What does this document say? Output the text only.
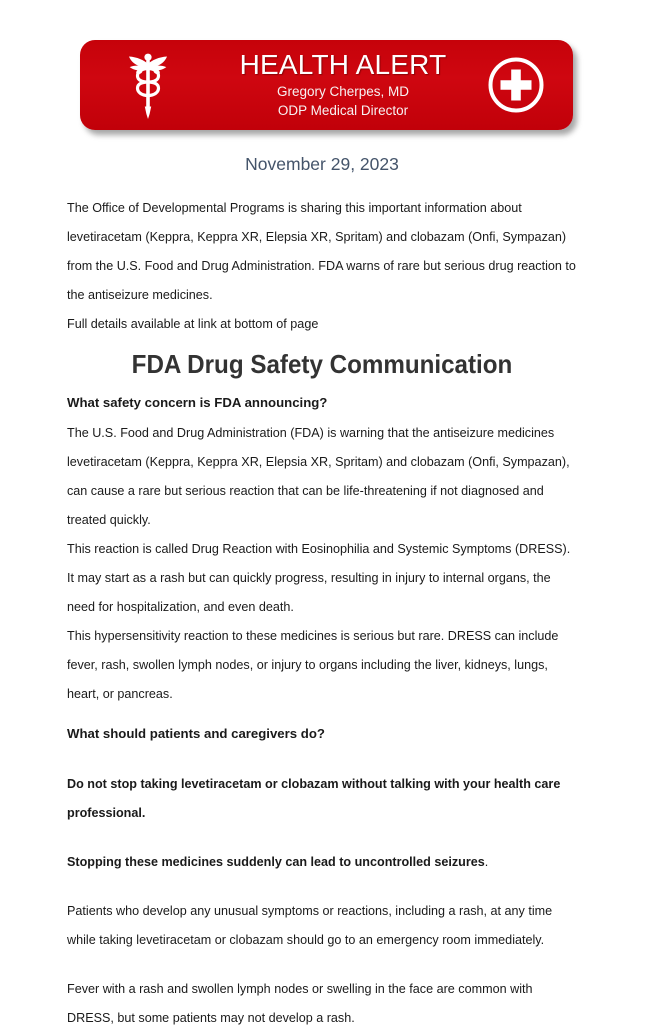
HEALTH ALERT
Gregory Cherpes, MD
ODP Medical Director
November 29, 2023

The Office of Developmental Programs is sharing this important information about levetiracetam (Keppra, Keppra XR, Elepsia XR, Spritam) and clobazam (Onfi, Sympazan) from the U.S. Food and Drug Administration. FDA warns of rare but serious drug reaction to the antiseizure medicines.

Full details available at link at bottom of page

FDA Drug Safety Communication
What safety concern is FDA announcing?

The U.S. Food and Drug Administration (FDA) is warning that the antiseizure medicines levetiracetam (Keppra, Keppra XR, Elepsia XR, Spritam) and clobazam (Onfi, Sympazan), can cause a rare but serious reaction that can be life-threatening if not diagnosed and treated quickly.

This reaction is called Drug Reaction with Eosinophilia and Systemic Symptoms (DRESS). It may start as a rash but can quickly progress, resulting in injury to internal organs, the need for hospitalization, and even death.

This hypersensitivity reaction to these medicines is serious but rare. DRESS can include fever, rash, swollen lymph nodes, or injury to organs including the liver, kidneys, lungs, heart, or pancreas.

What should patients and caregivers do?

Do not stop taking levetiracetam or clobazam without talking with your health care professional.

Stopping these medicines suddenly can lead to uncontrolled seizures.

Patients who develop any unusual symptoms or reactions, including a rash, at any time while taking levetiracetam or clobazam should go to an emergency room immediately.

Fever with a rash and swollen lymph nodes or swelling in the face are common with DRESS, but some patients may not develop a rash.
